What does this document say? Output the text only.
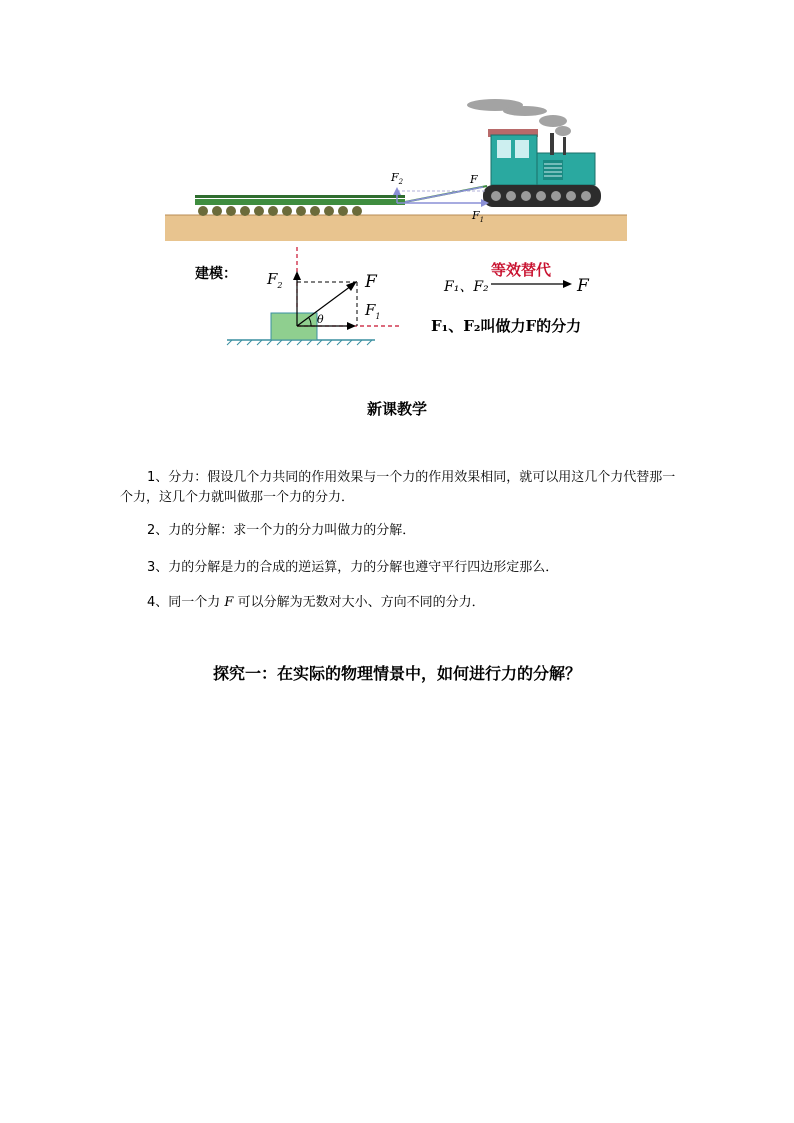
$F_2$	F
$F_1$
建模： $F_2$	F
$F_1$
θ
等效替代
F₁、F₂	F
F₁、F₂叫做力F的分力
新课教学
1、分力：假设几个力共同的作用效果与一个力的作用效果相同，就可以用这几个力代替那一个力，这几个力就叫做那一个力的分力．
2、力的分解：求一个力的分力叫做力的分解．
3、力的分解是力的合成的逆运算，力的分解也遵守平行四边形定那么．
4、同一个力 F 可以分解为无数对大小、方向不同的分力．
探究一：在实际的物理情景中，如何进行力的分解？
